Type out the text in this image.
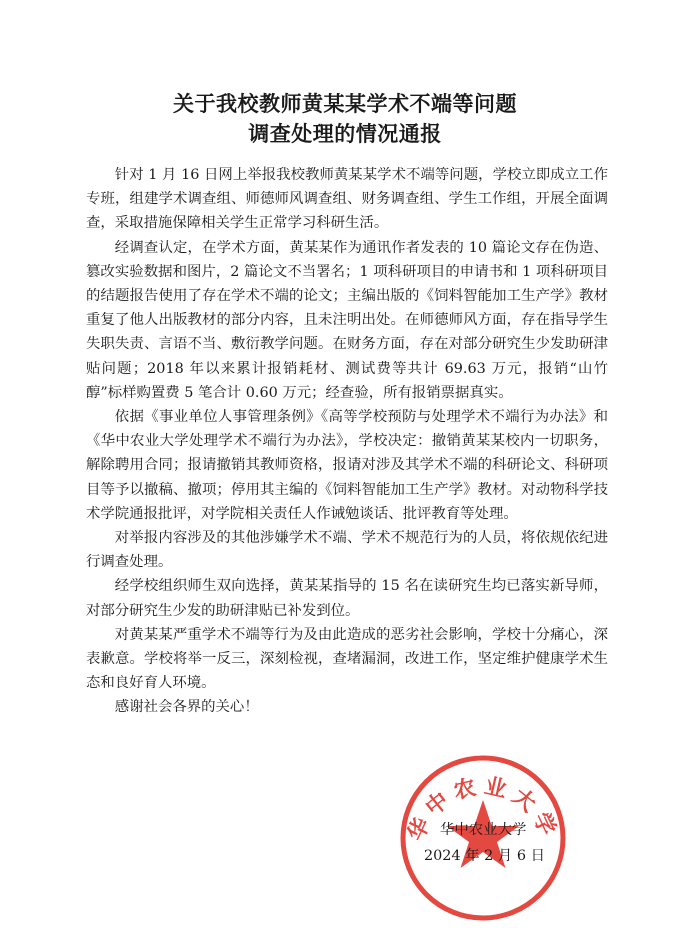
关于我校教师黄某某学术不端等问题
调查处理的情况通报

针对 1 月 16 日网上举报我校教师黄某某学术不端等问题，学校立即成立工作专班，组建学术调查组、师德师风调查组、财务调查组、学生工作组，开展全面调查，采取措施保障相关学生正常学习科研生活。

经调查认定，在学术方面，黄某某作为通讯作者发表的 10 篇论文存在伪造、篡改实验数据和图片，2 篇论文不当署名；1 项科研项目的申请书和 1 项科研项目的结题报告使用了存在学术不端的论文；主编出版的《饲料智能加工生产学》教材重复了他人出版教材的部分内容，且未注明出处。在师德师风方面，存在指导学生失职失责、言语不当、敷衍教学问题。在财务方面，存在对部分研究生少发助研津贴问题；2018 年以来累计报销耗材、测试费等共计 69.63 万元，报销“山竹醇”标样购置费 5 笔合计 0.60 万元；经查验，所有报销票据真实。

依据《事业单位人事管理条例》《高等学校预防与处理学术不端行为办法》和《华中农业大学处理学术不端行为办法》，学校决定：撤销黄某某校内一切职务，解除聘用合同；报请撤销其教师资格，报请对涉及其学术不端的科研论文、科研项目等予以撤稿、撤项；停用其主编的《饲料智能加工生产学》教材。对动物科学技术学院通报批评，对学院相关责任人作诫勉谈话、批评教育等处理。

对举报内容涉及的其他涉嫌学术不端、学术不规范行为的人员，将依规依纪进行调查处理。

经学校组织师生双向选择，黄某某指导的 15 名在读研究生均已落实新导师，对部分研究生少发的助研津贴已补发到位。

对黄某某严重学术不端等行为及由此造成的恶劣社会影响，学校十分痛心，深表歉意。学校将举一反三，深刻检视，查堵漏洞，改进工作，坚定维护健康学术生态和良好育人环境。

感谢社会各界的关心！

华中农业大学
华中农业大学
2024 年 2 月 6 日
